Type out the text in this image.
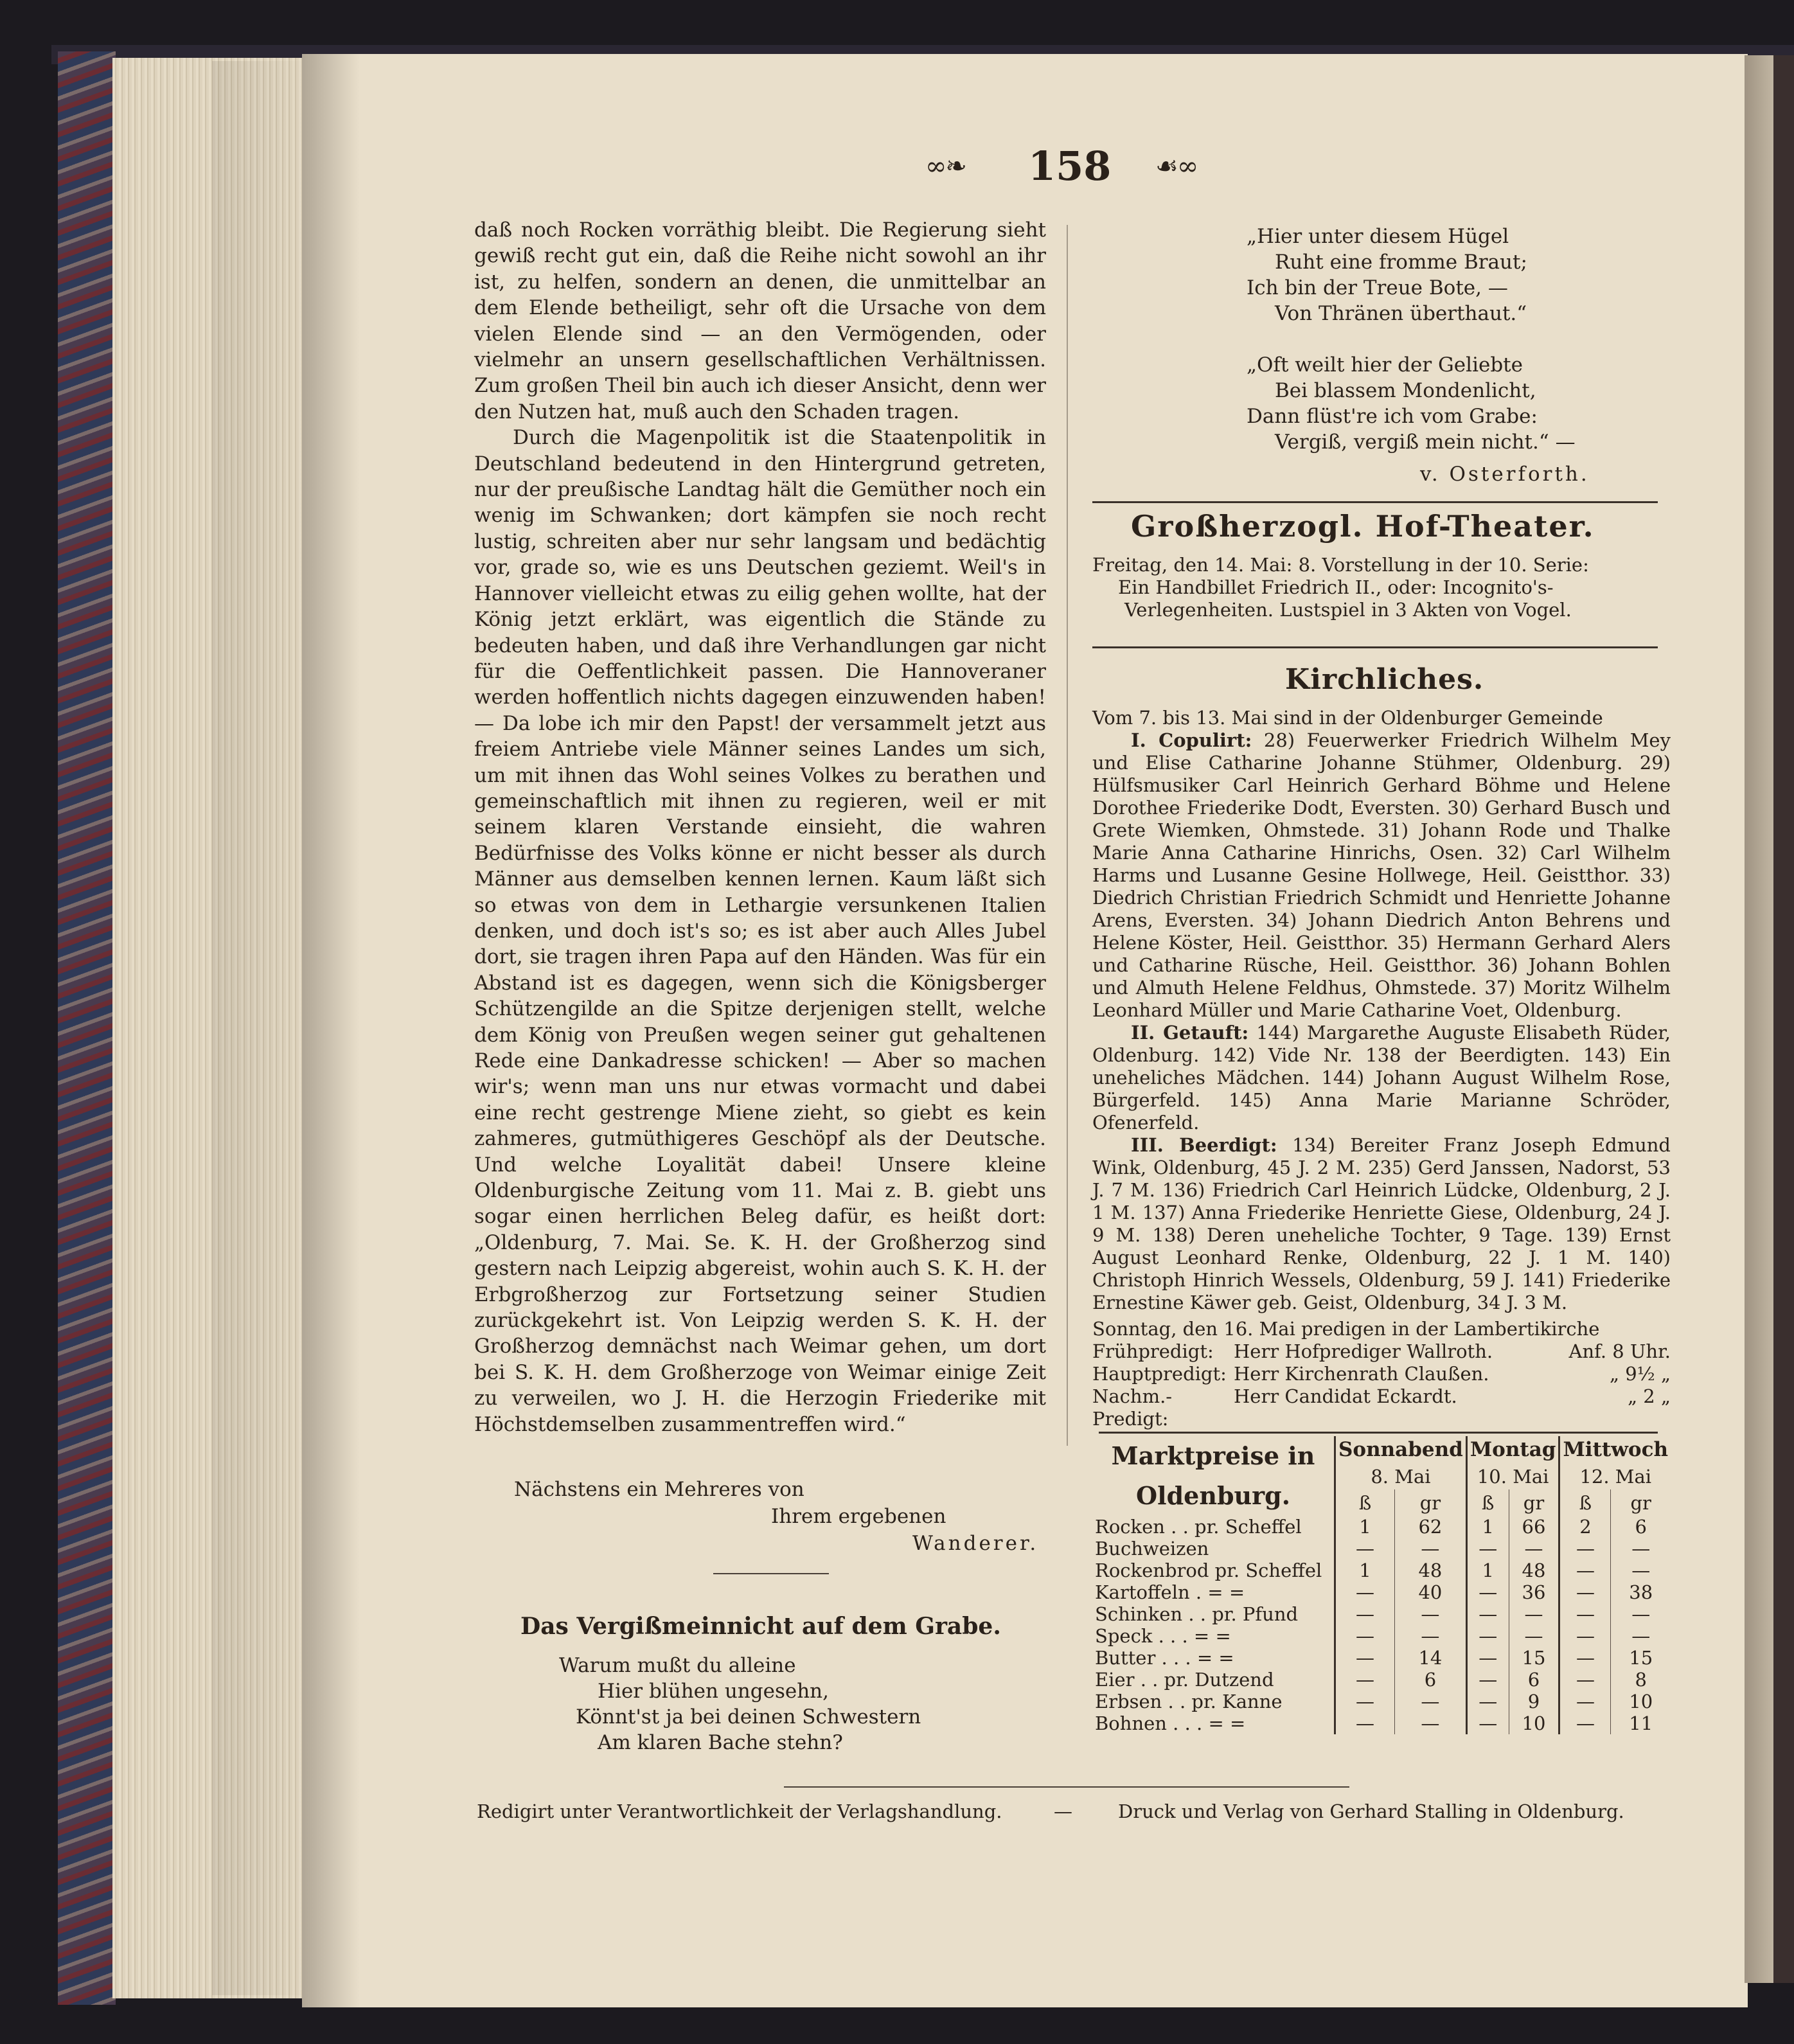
∞❧ 158 ☙∞

daß noch Rocken vorräthig bleibt. Die Regierung sieht gewiß recht gut ein, daß die Reihe nicht sowohl an ihr ist, zu helfen, sondern an denen, die unmittelbar an dem Elende betheiligt, sehr oft die Ursache von dem vielen Elende sind — an den Vermögenden, oder vielmehr an unsern gesellschaftlichen Verhältnissen. Zum großen Theil bin auch ich dieser Ansicht, denn wer den Nutzen hat, muß auch den Schaden tragen.

Durch die Magenpolitik ist die Staatenpolitik in Deutschland bedeutend in den Hintergrund getreten, nur der preußische Landtag hält die Gemüther noch ein wenig im Schwanken; dort kämpfen sie noch recht lustig, schreiten aber nur sehr langsam und bedächtig vor, grade so, wie es uns Deutschen geziemt. Weil's in Hannover vielleicht etwas zu eilig gehen wollte, hat der König jetzt erklärt, was eigentlich die Stände zu bedeuten haben, und daß ihre Verhandlungen gar nicht für die Oeffentlichkeit passen. Die Hannoveraner werden hoffentlich nichts dagegen einzuwenden haben! — Da lobe ich mir den Papst! der versammelt jetzt aus freiem Antriebe viele Männer seines Landes um sich, um mit ihnen das Wohl seines Volkes zu berathen und gemeinschaftlich mit ihnen zu regieren, weil er mit seinem klaren Verstande einsieht, die wahren Bedürfnisse des Volks könne er nicht besser als durch Männer aus demselben kennen lernen. Kaum läßt sich so etwas von dem in Lethargie versunkenen Italien denken, und doch ist's so; es ist aber auch Alles Jubel dort, sie tragen ihren Papa auf den Händen. Was für ein Abstand ist es dagegen, wenn sich die Königsberger Schützengilde an die Spitze derjenigen stellt, welche dem König von Preußen wegen seiner gut gehaltenen Rede eine Dankadresse schicken! — Aber so machen wir's; wenn man uns nur etwas vormacht und dabei eine recht gestrenge Miene zieht, so giebt es kein zahmeres, gutmüthigeres Geschöpf als der Deutsche. Und welche Loyalität dabei! Unsere kleine Oldenburgische Zeitung vom 11. Mai z. B. giebt uns sogar einen herrlichen Beleg dafür, es heißt dort: „Oldenburg, 7. Mai. Se. K. H. der Großherzog sind gestern nach Leipzig abgereist, wohin auch S. K. H. der Erbgroßherzog zur Fortsetzung seiner Studien zurückgekehrt ist. Von Leipzig werden S. K. H. der Großherzog demnächst nach Weimar gehen, um dort bei S. K. H. dem Großherzoge von Weimar einige Zeit zu verweilen, wo J. H. die Herzogin Friederike mit Höchstdemselben zusammentreffen wird.“

Nächstens ein Mehreres von
Ihrem ergebenen
Wanderer.
Das Vergißmeinnicht auf dem Grabe.
Warum mußt du alleine
Hier blühen ungesehn,
Könnt'st ja bei deinen Schwestern
Am klaren Bache stehn?
„Hier unter diesem Hügel
Ruht eine fromme Braut;
Ich bin der Treue Bote, —
Von Thränen überthaut.“
„Oft weilt hier der Geliebte
Bei blassem Mondenlicht,
Dann flüst're ich vom Grabe:
Vergiß, vergiß mein nicht.“ —
v. Osterforth.
Großherzogl. Hof-Theater.
Freitag, den 14. Mai: 8. Vorstellung in der 10. Serie:
Ein Handbillet Friedrich II., oder: Incognito's-Verlegenheiten. Lustspiel in 3 Akten von Vogel.
Kirchliches.
Vom 7. bis 13. Mai sind in der Oldenburger Gemeinde
I. Copulirt: 28) Feuerwerker Friedrich Wilhelm Mey und Elise Catharine Johanne Stühmer, Oldenburg. 29) Hülfsmusiker Carl Heinrich Gerhard Böhme und Helene Dorothee Friederike Dodt, Eversten. 30) Gerhard Busch und Grete Wiemken, Ohmstede. 31) Johann Rode und Thalke Marie Anna Catharine Hinrichs, Osen. 32) Carl Wilhelm Harms und Lusanne Gesine Hollwege, Heil. Geistthor. 33) Diedrich Christian Friedrich Schmidt und Henriette Johanne Arens, Eversten. 34) Johann Diedrich Anton Behrens und Helene Köster, Heil. Geistthor. 35) Hermann Gerhard Alers und Catharine Rüsche, Heil. Geistthor. 36) Johann Bohlen und Almuth Helene Feldhus, Ohmstede. 37) Moritz Wilhelm Leonhard Müller und Marie Catharine Voet, Oldenburg.
II. Getauft: 144) Margarethe Auguste Elisabeth Rüder, Oldenburg. 142) Vide Nr. 138 der Beerdigten. 143) Ein uneheliches Mädchen. 144) Johann August Wilhelm Rose, Bürgerfeld. 145) Anna Marie Marianne Schröder, Ofenerfeld.
III. Beerdigt: 134) Bereiter Franz Joseph Edmund Wink, Oldenburg, 45 J. 2 M. 235) Gerd Janssen, Nadorst, 53 J. 7 M. 136) Friedrich Carl Heinrich Lüdcke, Oldenburg, 2 J. 1 M. 137) Anna Friederike Henriette Giese, Oldenburg, 24 J. 9 M. 138) Deren uneheliche Tochter, 9 Tage. 139) Ernst August Leonhard Renke, Oldenburg, 22 J. 1 M. 140) Christoph Hinrich Wessels, Oldenburg, 59 J. 141) Friederike Ernestine Käwer geb. Geist, Oldenburg, 34 J. 3 M.
Sonntag, den 16. Mai predigen in der Lambertikirche
Frühpredigt:	Herr Hofprediger Wallroth.	Anf. 8 Uhr.
Hauptpredigt: Herr Kirchenrath Claußen.	„ 9½ „
Nachm.-Predigt:
Herr Candidat Eckardt.	„ 2 „
Marktpreise in Oldenburg.	Sonnabend		Montag		Mittwoch	
	8. Mai		10. Mai		12. Mai	
	ß	gr	ß	gr	ß	gr
Rocken . . pr. Scheffel	1	62	1	66	2	6
Buchweizen	—	—	—	—	—	—
Rockenbrod pr. Scheffel	1	48	1	48	—	—
Kartoffeln . = =	—	40	—	36	—	38
Schinken . . pr. Pfund	—	—	—	—	—	—
Speck . . . = =	—	—	—	—	—	—
Butter . . . = =	—	14	—	15	—	15
Eier . . pr. Dutzend	—	6	—	6	—	8
Erbsen . . pr. Kanne	—	—	—	9	—	10
Bohnen . . . = =	—	—	—	10	—	11
Redigirt unter Verantwortlichkeit der Verlagshandlung.	— Druck und Verlag von Gerhard Stalling in Oldenburg.
